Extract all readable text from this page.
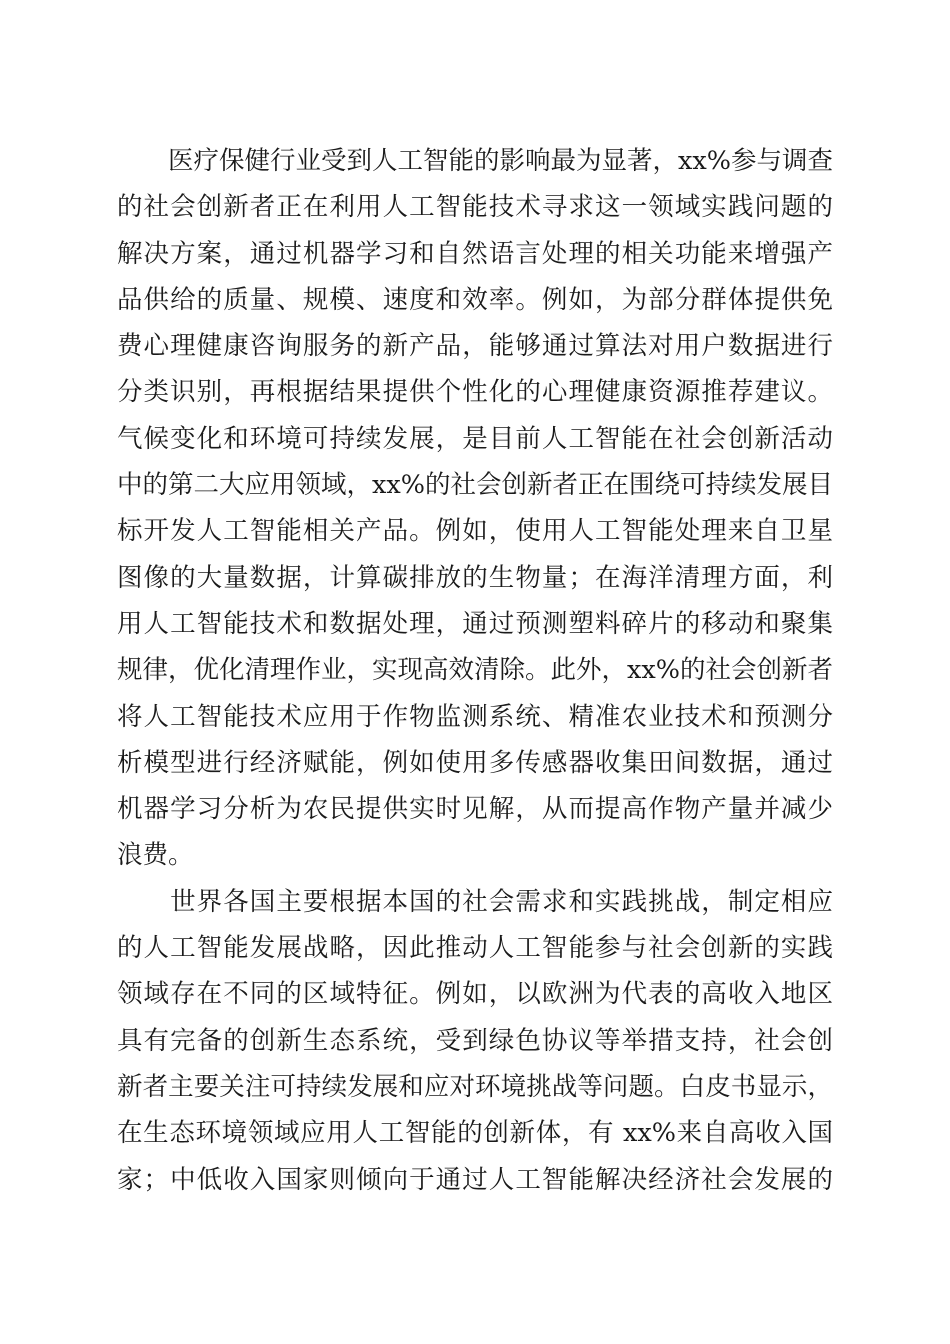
　　医疗保健行业受到人工智能的影响最为显著，xx%参与调查
的社会创新者正在利用人工智能技术寻求这一领域实践问题的
解决方案，通过机器学习和自然语言处理的相关功能来增强产
品供给的质量、规模、速度和效率。例如，为部分群体提供免
费心理健康咨询服务的新产品，能够通过算法对用户数据进行
分类识别，再根据结果提供个性化的心理健康资源推荐建议。
气候变化和环境可持续发展，是目前人工智能在社会创新活动
中的第二大应用领域，xx%的社会创新者正在围绕可持续发展目
标开发人工智能相关产品。例如，使用人工智能处理来自卫星
图像的大量数据，计算碳排放的生物量；在海洋清理方面，利
用人工智能技术和数据处理，通过预测塑料碎片的移动和聚集
规律，优化清理作业，实现高效清除。此外，xx%的社会创新者
将人工智能技术应用于作物监测系统、精准农业技术和预测分
析模型进行经济赋能，例如使用多传感器收集田间数据，通过
机器学习分析为农民提供实时见解，从而提高作物产量并减少
浪费。
　　世界各国主要根据本国的社会需求和实践挑战，制定相应
的人工智能发展战略，因此推动人工智能参与社会创新的实践
领域存在不同的区域特征。例如，以欧洲为代表的高收入地区
具有完备的创新生态系统，受到绿色协议等举措支持，社会创
新者主要关注可持续发展和应对环境挑战等问题。白皮书显示，
在生态环境领域应用人工智能的创新体，有 xx%来自高收入国
家；中低收入国家则倾向于通过人工智能解决经济社会发展的
